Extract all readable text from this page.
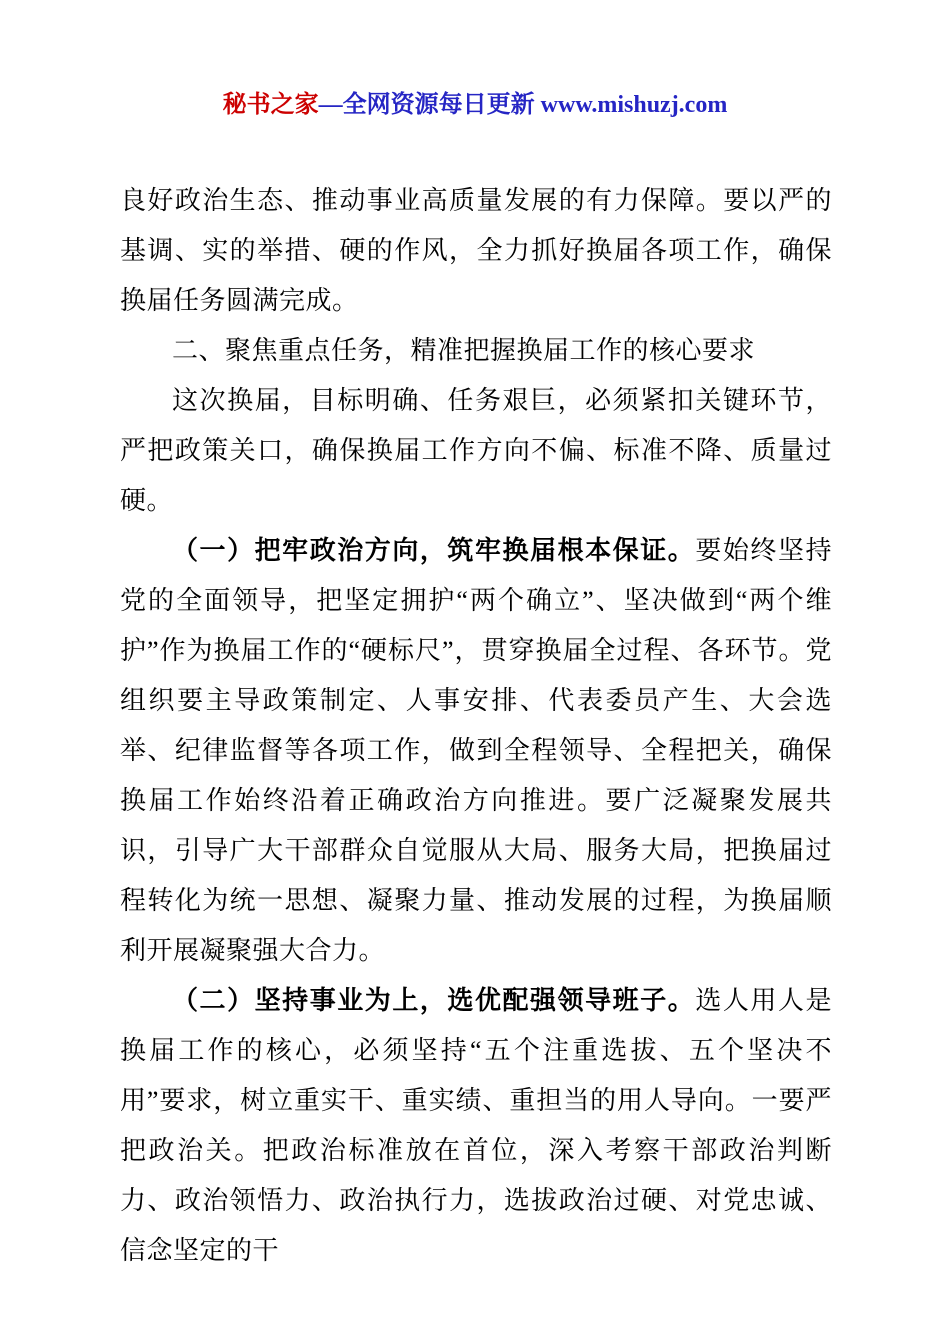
秘书之家—全网资源每日更新 www.mishuzj.com

良好政治生态、推动事业高质量发展的有力保障。要以严的基调、实的举措、硬的作风，全力抓好换届各项工作，确保换届任务圆满完成。

二、聚焦重点任务，精准把握换届工作的核心要求

这次换届，目标明确、任务艰巨，必须紧扣关键环节，严把政策关口，确保换届工作方向不偏、标准不降、质量过硬。

（一）把牢政治方向，筑牢换届根本保证。要始终坚持党的全面领导，把坚定拥护“两个确立”、坚决做到“两个维护”作为换届工作的“硬标尺”，贯穿换届全过程、各环节。党组织要主导政策制定、人事安排、代表委员产生、大会选举、纪律监督等各项工作，做到全程领导、全程把关，确保换届工作始终沿着正确政治方向推进。要广泛凝聚发展共识，引导广大干部群众自觉服从大局、服务大局，把换届过程转化为统一思想、凝聚力量、推动发展的过程，为换届顺利开展凝聚强大合力。

（二）坚持事业为上，选优配强领导班子。选人用人是换届工作的核心，必须坚持“五个注重选拔、五个坚决不用”要求，树立重实干、重实绩、重担当的用人导向。一要严把政治关。把政治标准放在首位，深入考察干部政治判断力、政治领悟力、政治执行力，选拔政治过硬、对党忠诚、信念坚定的干
